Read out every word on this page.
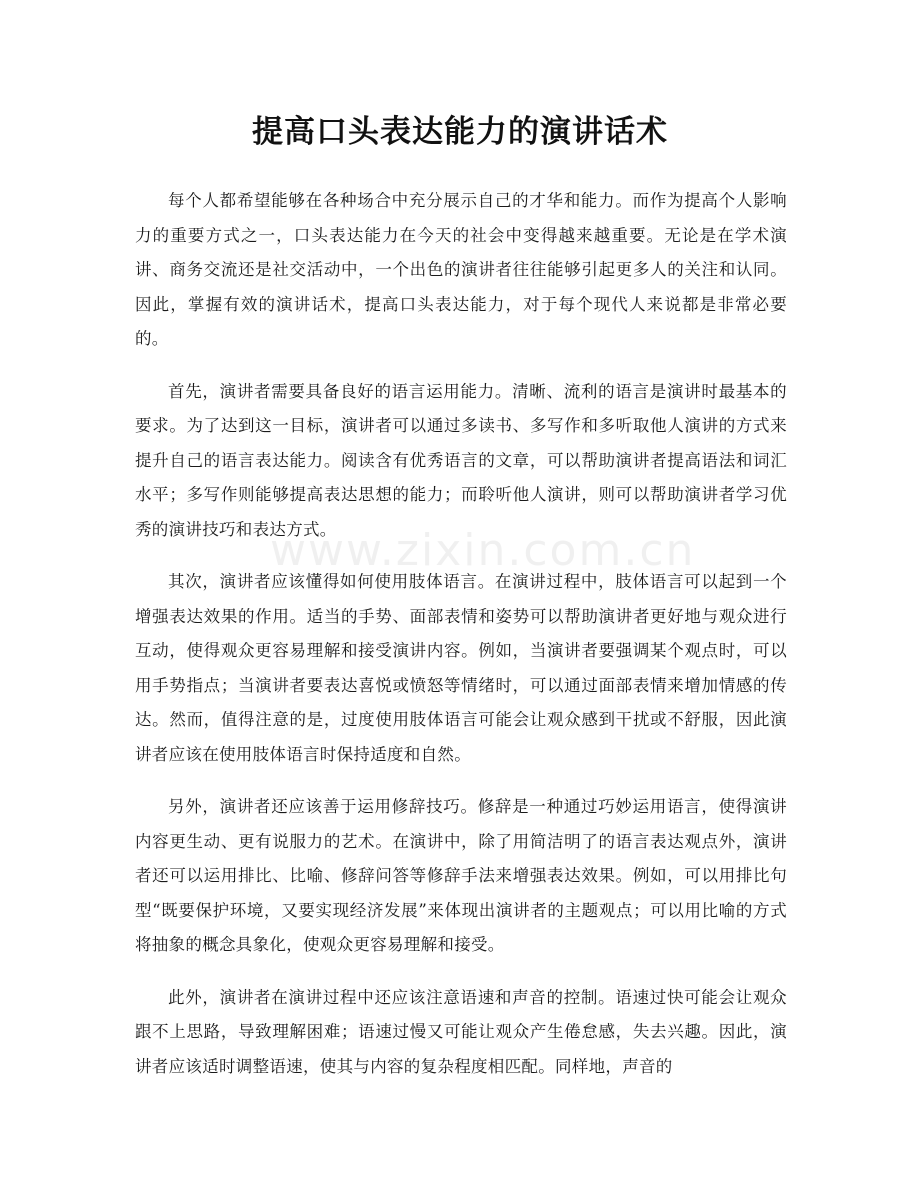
提高口头表达能力的演讲话术
www.zixin.com.cn

每个人都希望能够在各种场合中充分展示自己的才华和能力。而作为提高个人影响力的重要方式之一，口头表达能力在今天的社会中变得越来越重要。无论是在学术演讲、商务交流还是社交活动中，一个出色的演讲者往往能够引起更多人的关注和认同。因此，掌握有效的演讲话术，提高口头表达能力，对于每个现代人来说都是非常必要的。

首先，演讲者需要具备良好的语言运用能力。清晰、流利的语言是演讲时最基本的要求。为了达到这一目标，演讲者可以通过多读书、多写作和多听取他人演讲的方式来提升自己的语言表达能力。阅读含有优秀语言的文章，可以帮助演讲者提高语法和词汇水平；多写作则能够提高表达思想的能力；而聆听他人演讲，则可以帮助演讲者学习优秀的演讲技巧和表达方式。

其次，演讲者应该懂得如何使用肢体语言。在演讲过程中，肢体语言可以起到一个增强表达效果的作用。适当的手势、面部表情和姿势可以帮助演讲者更好地与观众进行互动，使得观众更容易理解和接受演讲内容。例如，当演讲者要强调某个观点时，可以用手势指点；当演讲者要表达喜悦或愤怒等情绪时，可以通过面部表情来增加情感的传达。然而，值得注意的是，过度使用肢体语言可能会让观众感到干扰或不舒服，因此演讲者应该在使用肢体语言时保持适度和自然。

另外，演讲者还应该善于运用修辞技巧。修辞是一种通过巧妙运用语言，使得演讲内容更生动、更有说服力的艺术。在演讲中，除了用简洁明了的语言表达观点外，演讲者还可以运用排比、比喻、修辞问答等修辞手法来增强表达效果。例如，可以用排比句型“既要保护环境，又要实现经济发展”来体现出演讲者的主题观点；可以用比喻的方式将抽象的概念具象化，使观众更容易理解和接受。

此外，演讲者在演讲过程中还应该注意语速和声音的控制。语速过快可能会让观众跟不上思路，导致理解困难；语速过慢又可能让观众产生倦怠感，失去兴趣。因此，演讲者应该适时调整语速，使其与内容的复杂程度相匹配。同样地，声音的
